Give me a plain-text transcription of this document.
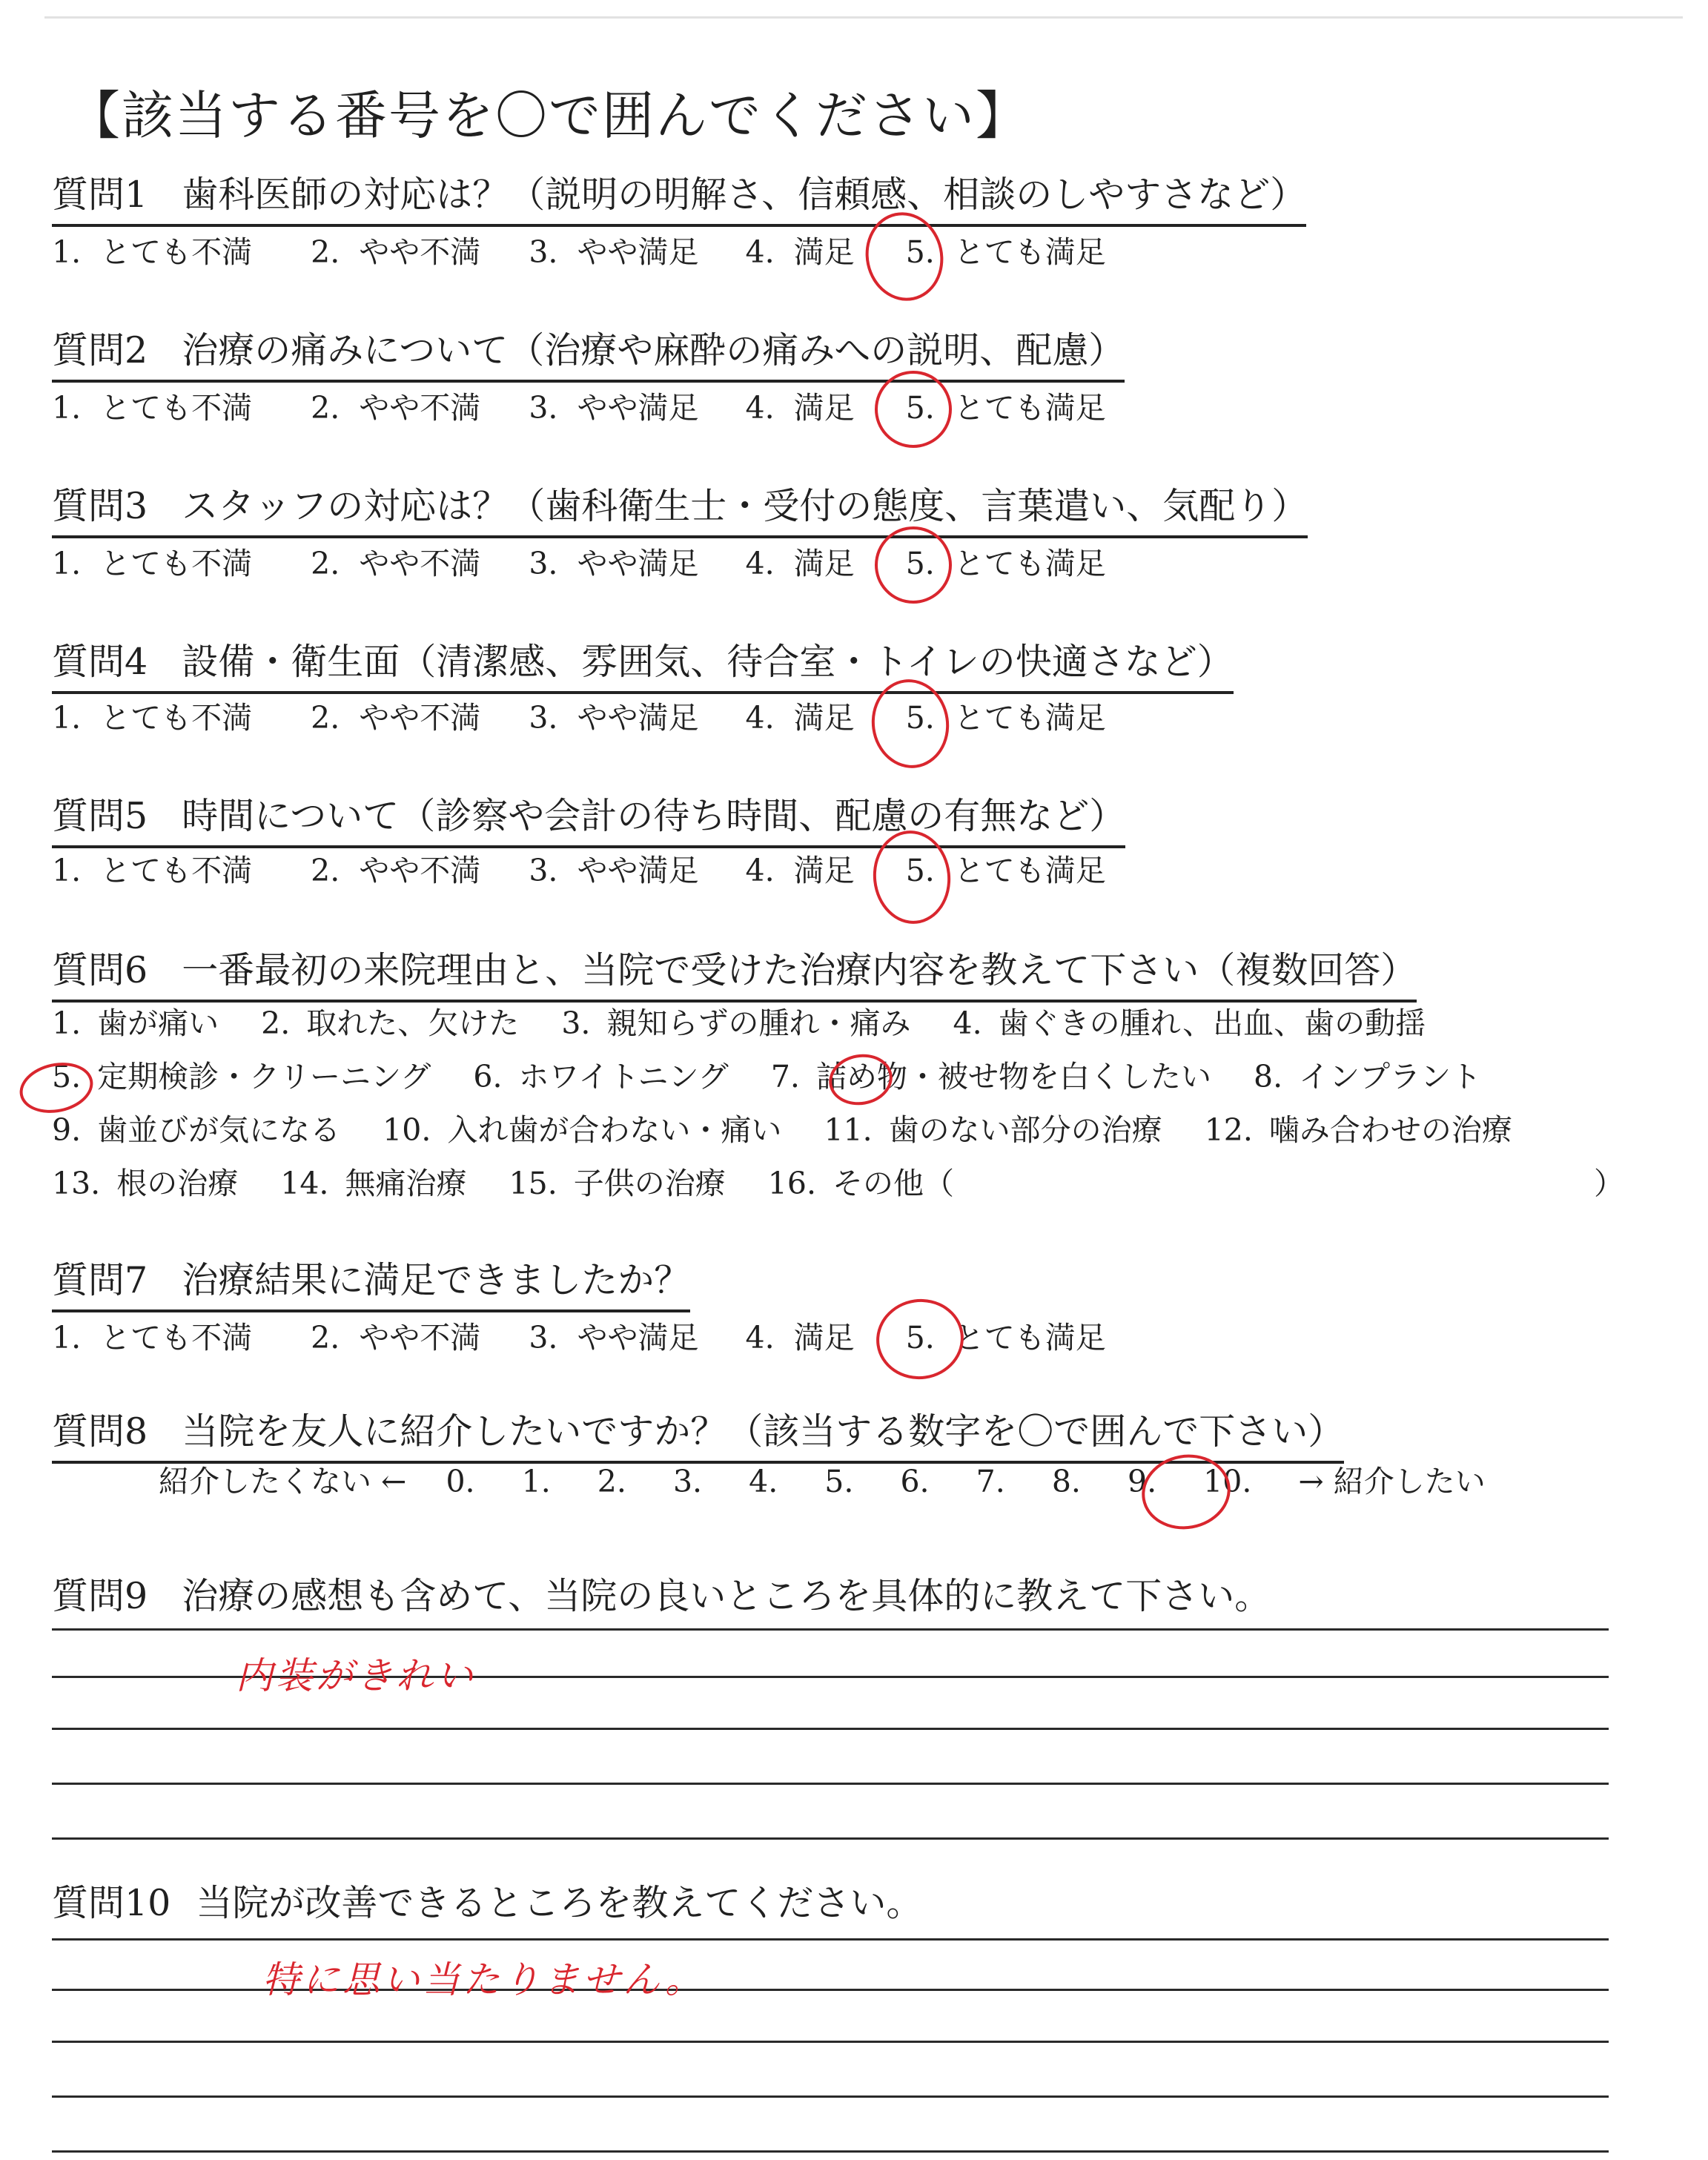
【該当する番号を〇で囲んでください】
質問1 歯科医師の対応は？（説明の明解さ、信頼感、相談のしやすさなど）
1. とても不満 2. やや不満 3. やや満足 4. 満足 5. とても満足
質問2 治療の痛みについて（治療や麻酔の痛みへの説明、配慮）
1. とても不満 2. やや不満 3. やや満足 4. 満足 5. とても満足
質問3 スタッフの対応は？（歯科衛生士・受付の態度、言葉遣い、気配り）
1. とても不満 2. やや不満 3. やや満足 4. 満足 5. とても満足
質問4 設備・衛生面（清潔感、雰囲気、待合室・トイレの快適さなど）
1. とても不満 2. やや不満 3. やや満足 4. 満足 5. とても満足
質問5 時間について（診察や会計の待ち時間、配慮の有無など）
1. とても不満 2. やや不満 3. やや満足 4. 満足 5. とても満足
質問6 一番最初の来院理由と、当院で受けた治療内容を教えて下さい（複数回答）
1. 歯が痛い 2. 取れた、欠けた 3. 親知らずの腫れ・痛み 4. 歯ぐきの腫れ、出血、歯の動揺
5. 定期検診・クリーニング 6. ホワイトニング 7. 詰め物・被せ物を白くしたい 8. インプラント
9. 歯並びが気になる 10. 入れ歯が合わない・痛い 11. 歯のない部分の治療 12. 噛み合わせの治療
13. 根の治療 14. 無痛治療 15. 子供の治療 16. その他（	）
質問7 治療結果に満足できましたか？
1. とても不満 2. やや不満 3. やや満足 4. 満足 5. とても満足
質問8 当院を友人に紹介したいですか？（該当する数字を〇で囲んで下さい）
紹介したくない ← 0. 1. 2. 3. 4. 5. 6. 7. 8. 9. 10. → 紹介したい
質問9 治療の感想も含めて、当院の良いところを具体的に教えて下さい。
内装がきれい
質問10 当院が改善できるところを教えてください。
特に思い当たりません。
